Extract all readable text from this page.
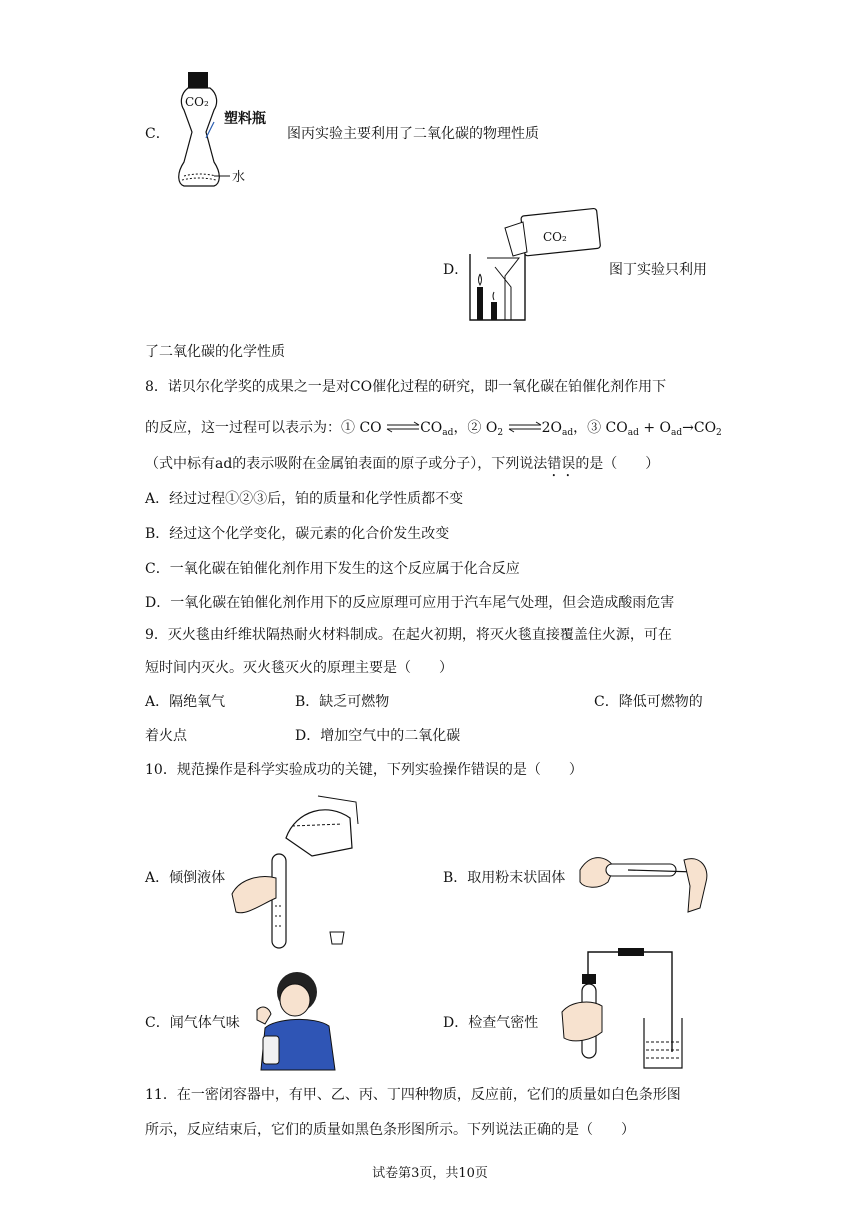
C．
CO₂
塑料瓶
水
图丙实验主要利用了二氧化碳的物理性质
D．
CO₂
图丁实验只利用
了二氧化碳的化学性质
8．诺贝尔化学奖的成果之一是对CO催化过程的研究，即一氧化碳在铂催化剂作用下
的反应，这一过程可以表示为：① CO $\rightleftharpoons CO_{ad}$，② $O_2$ $\rightleftharpoons 2O_{ad}$，③ $CO_{ad} + O_{ad}\to CO_2$
（式中标有ad的表示吸附在金属铂表面的原子或分子），下列说法错误的是（　　）
A．经过过程①②③后，铂的质量和化学性质都不变
B．经过这个化学变化，碳元素的化合价发生改变
C．一氧化碳在铂催化剂作用下发生的这个反应属于化合反应
D．一氧化碳在铂催化剂作用下的反应原理可应用于汽车尾气处理，但会造成酸雨危害
9．灭火毯由纤维状隔热耐火材料制成。在起火初期，将灭火毯直接覆盖住火源，可在
短时间内灭火。灭火毯灭火的原理主要是（　　）
A．隔绝氧气	B．缺乏可燃物	C．降低可燃物的
着火点	D．增加空气中的二氧化碳
10．规范操作是科学实验成功的关键，下列实验操作错误的是（　　）
A．倾倒液体	B．取用粉末状固体
C．闻气体气味	D．检查气密性
11．在一密闭容器中，有甲、乙、丙、丁四种物质，反应前，它们的质量如白色条形图
所示，反应结束后，它们的质量如黑色条形图所示。下列说法正确的是（　　）
试卷第3页，共10页
